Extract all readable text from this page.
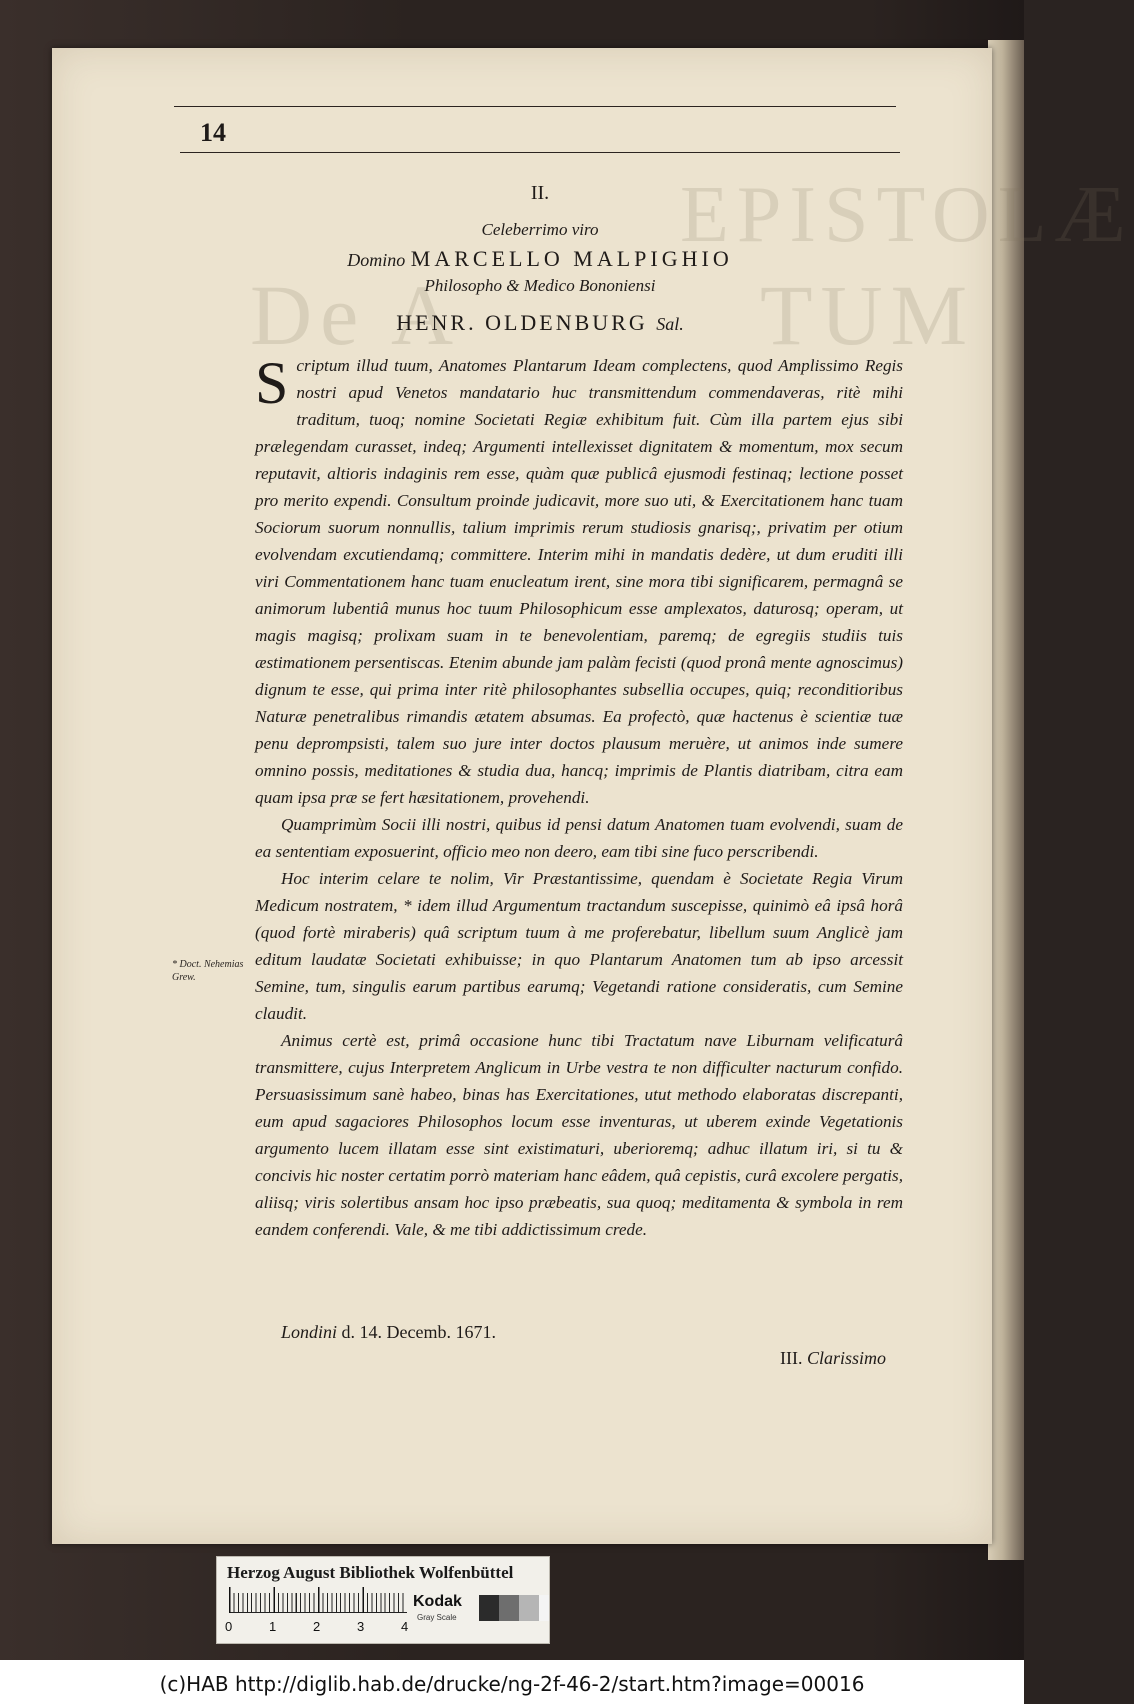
EPISTOLÆ
De A	TUM
14
II.
Celeberrimo viro
Domino MARCELLO MALPIGHIO
Philosopho & Medico Bononiensi
HENR. OLDENBURG Sal.

Scriptum illud tuum, Anatomes Plantarum Ideam complectens, quod Amplissimo Regis nostri apud Venetos mandatario huc transmittendum commendaveras, ritè mihi traditum, tuoq; nomine Societati Regiæ exhibitum fuit. Cùm illa partem ejus sibi prælegendam curasset, indeq; Argumenti intellexisset dignitatem & momentum, mox secum reputavit, altioris indaginis rem esse, quàm quæ publicâ ejusmodi festinaq; lectione posset pro merito expendi. Consultum proinde judicavit, more suo uti, & Exercitationem hanc tuam Sociorum suorum nonnullis, talium imprimis rerum studiosis gnarisq;, privatim per otium evolvendam excutiendamq; committere. Interim mihi in mandatis dedère, ut dum eruditi illi viri Commentationem hanc tuam enucleatum irent, sine mora tibi significarem, permagnâ se animorum lubentiâ munus hoc tuum Philosophicum esse amplexatos, daturosq; operam, ut magis magisq; prolixam suam in te benevolentiam, paremq; de egregiis studiis tuis æstimationem persentiscas. Etenim abunde jam palàm fecisti (quod pronâ mente agnoscimus) dignum te esse, qui prima inter ritè philosophantes subsellia occupes, quiq; reconditioribus Naturæ penetralibus rimandis ætatem absumas. Ea profectò, quæ hactenus è scientiæ tuæ penu deprompsisti, talem suo jure inter doctos plausum meruère, ut animos inde sumere omnino possis, meditationes & studia dua, hancq; imprimis de Plantis diatribam, citra eam quam ipsa præ se fert hæsitationem, provehendi.

Quamprimùm Socii illi nostri, quibus id pensi datum Anatomen tuam evolvendi, suam de ea sententiam exposuerint, officio meo non deero, eam tibi sine fuco perscribendi.

Hoc interim celare te nolim, Vir Præstantissime, quendam è Societate Regia Virum Medicum nostratem, * idem illud Argumentum tractandum suscepisse, quinimò eâ ipsâ horâ (quod fortè miraberis) quâ scriptum tuum à me proferebatur, libellum suum Anglicè jam editum laudatæ Societati exhibuisse; in quo Plantarum Anatomen tum ab ipso arcessit Semine, tum, singulis earum partibus earumq; Vegetandi ratione consideratis, cum Semine claudit.

Animus certè est, primâ occasione hunc tibi Tractatum nave Liburnam velificaturâ transmittere, cujus Interpretem Anglicum in Urbe vestra te non difficulter nacturum confido. Persuasissimum sanè habeo, binas has Exercitationes, utut methodo elaboratas discrepanti, eum apud sagaciores Philosophos locum esse inventuras, ut uberem exinde Vegetationis argumento lucem illatam esse sint existimaturi, uberioremq; adhuc illatum iri, si tu & concivis hic noster certatim porrò materiam hanc eâdem, quâ cepistis, curâ excolere pergatis, aliisq; viris solertibus ansam hoc ipso præbeatis, sua quoq; meditamenta & symbola in rem eandem conferendi. Vale, & me tibi addictissimum crede.

* Doct. Nehemias Grew.
Londini d. 14. Decemb. 1671.
III. Clarissimo
Herzog August Bibliothek Wolfenbüttel
0	1	2	3	4
Kodak
Gray Scale
(c)HAB http://diglib.hab.de/drucke/ng-2f-46-2/start.htm?image=00016
